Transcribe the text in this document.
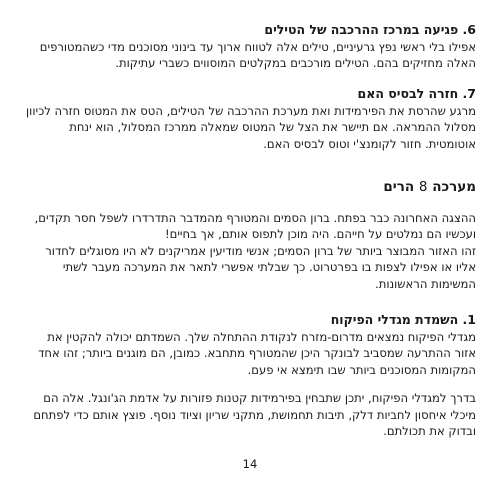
6. פגיעה במרכז ההרכבה של הטילים

אפילו בלי ראשי נפץ גרעיניים, טילים אלה לטווח ארוך עד בינוני מסוכנים מדי כשהמטורפים האלה מחזיקים בהם. הטילים מורכבים במקלטים המוסווים כשברי עתיקות.

7. חזרה לבסיס האם

מרגע שהרסת את הפירמידות ואת מערכת ההרכבה של הטילים, הטס את המטוס חזרה לכיוון מסלול ההמראה. אם תיישר את הצל של המטוס שמאלה ממרכז המסלול, הוא ינחת אוטומטית. חזור לקומנצ'י וטוס לבסיס האם.

מערכה 8 הרים

ההצגה האחרונה כבר בפתח. ברון הסמים והמטורף מהמדבר התדרדרו לשפל חסר תקדים, ועכשיו הם נמלטים על חייהם. היה מוכן לתפוס אותם, אך בחיים!

זהו האזור המבוצר ביותר של ברון הסמים; אנשי מודיעין אמריקנים לא היו מסוגלים לחדור אליו או אפילו לצפות בו בפרטרוט. כך שבלתי אפשרי לתאר את המערכה מעבר לשתי המשימות הראשונות.

1. השמדת מגדלי הפיקוח

מגדלי הפיקוח נמצאים מדרום-מזרח לנקודת ההתחלה שלך. השמדתם יכולה להקטין את אזור ההתרעה שמסביב לבונקר היכן שהמטורף מתחבא. כמובן, הם מוגנים ביותר; זהו אחד המקומות המסוכנים ביותר שבו תימצא אי פעם.

בדרך למגדלי הפיקוח, יתכן שתבחין בפירמידות קטנות פזורות על אדמת הג'ונגל. אלה הם מיכלי איחסון לחביות דלק, תיבות תחמושת, מתקני שריון וציוד נוסף. פוצץ אותם כדי לפתחם ובדוק את תכולתם.

14
